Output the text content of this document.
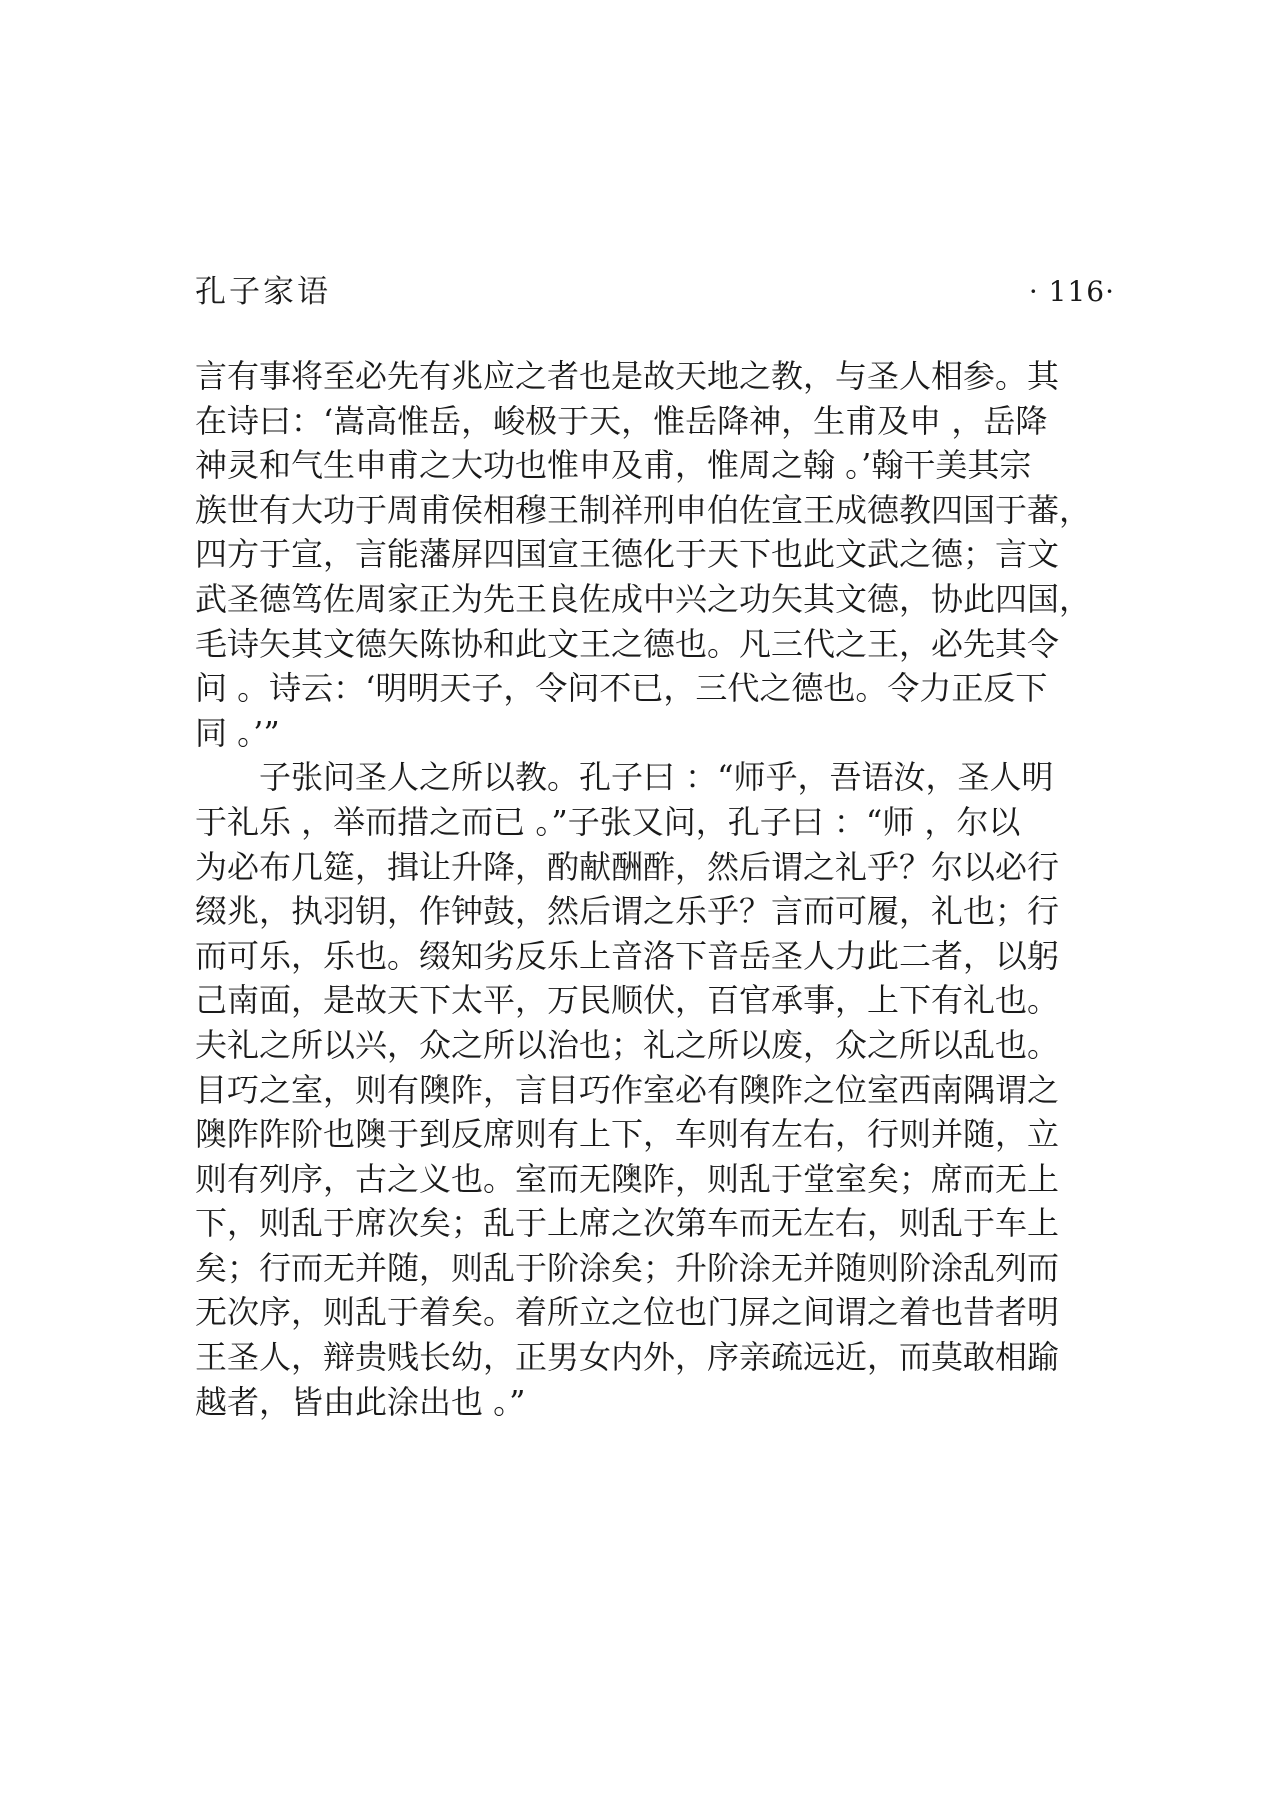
孔子家语	· 116·
言有事将至必先有兆应之者也是故天地之教，与圣人相参。其
在诗曰：‘嵩高惟岳，峻极于天，惟岳降神，生甫及申 ，岳降
神灵和气生申甫之大功也惟申及甫，惟周之翰 。’翰干美其宗
族世有大功于周甫侯相穆王制祥刑申伯佐宣王成德教四国于蕃，
四方于宣，言能藩屏四国宣王德化于天下也此文武之德；言文
武圣德笃佐周家正为先王良佐成中兴之功矢其文德，协此四国，
毛诗矢其文德矢陈协和此文王之德也。凡三代之王，必先其令
问 。诗云：‘明明天子，令问不已，三代之德也。令力正反下
同 。’”
子张问圣人之所以教。孔子曰 ：“师乎，吾语汝，圣人明
于礼乐 ，举而措之而已 。”子张又问，孔子曰 ：“师 ，尔以
为必布几筵，揖让升降，酌献酬酢，然后谓之礼乎？尔以必行
缀兆，执羽钥，作钟鼓，然后谓之乐乎？言而可履，礼也；行
而可乐，乐也。缀知劣反乐上音洛下音岳圣人力此二者，以躬
己南面，是故天下太平，万民顺伏，百官承事，上下有礼也。
夫礼之所以兴，众之所以治也；礼之所以废，众之所以乱也。
目巧之室，则有隩阼，言目巧作室必有隩阼之位室西南隅谓之
隩阼阼阶也隩于到反席则有上下，车则有左右，行则并随，立
则有列序，古之义也。室而无隩阼，则乱于堂室矣；席而无上
下，则乱于席次矣；乱于上席之次第车而无左右，则乱于车上
矣；行而无并随，则乱于阶涂矣；升阶涂无并随则阶涂乱列而
无次序，则乱于着矣。着所立之位也门屏之间谓之着也昔者明
王圣人，辩贵贱长幼，正男女内外，序亲疏远近，而莫敢相踰
越者，皆由此涂出也 。”
